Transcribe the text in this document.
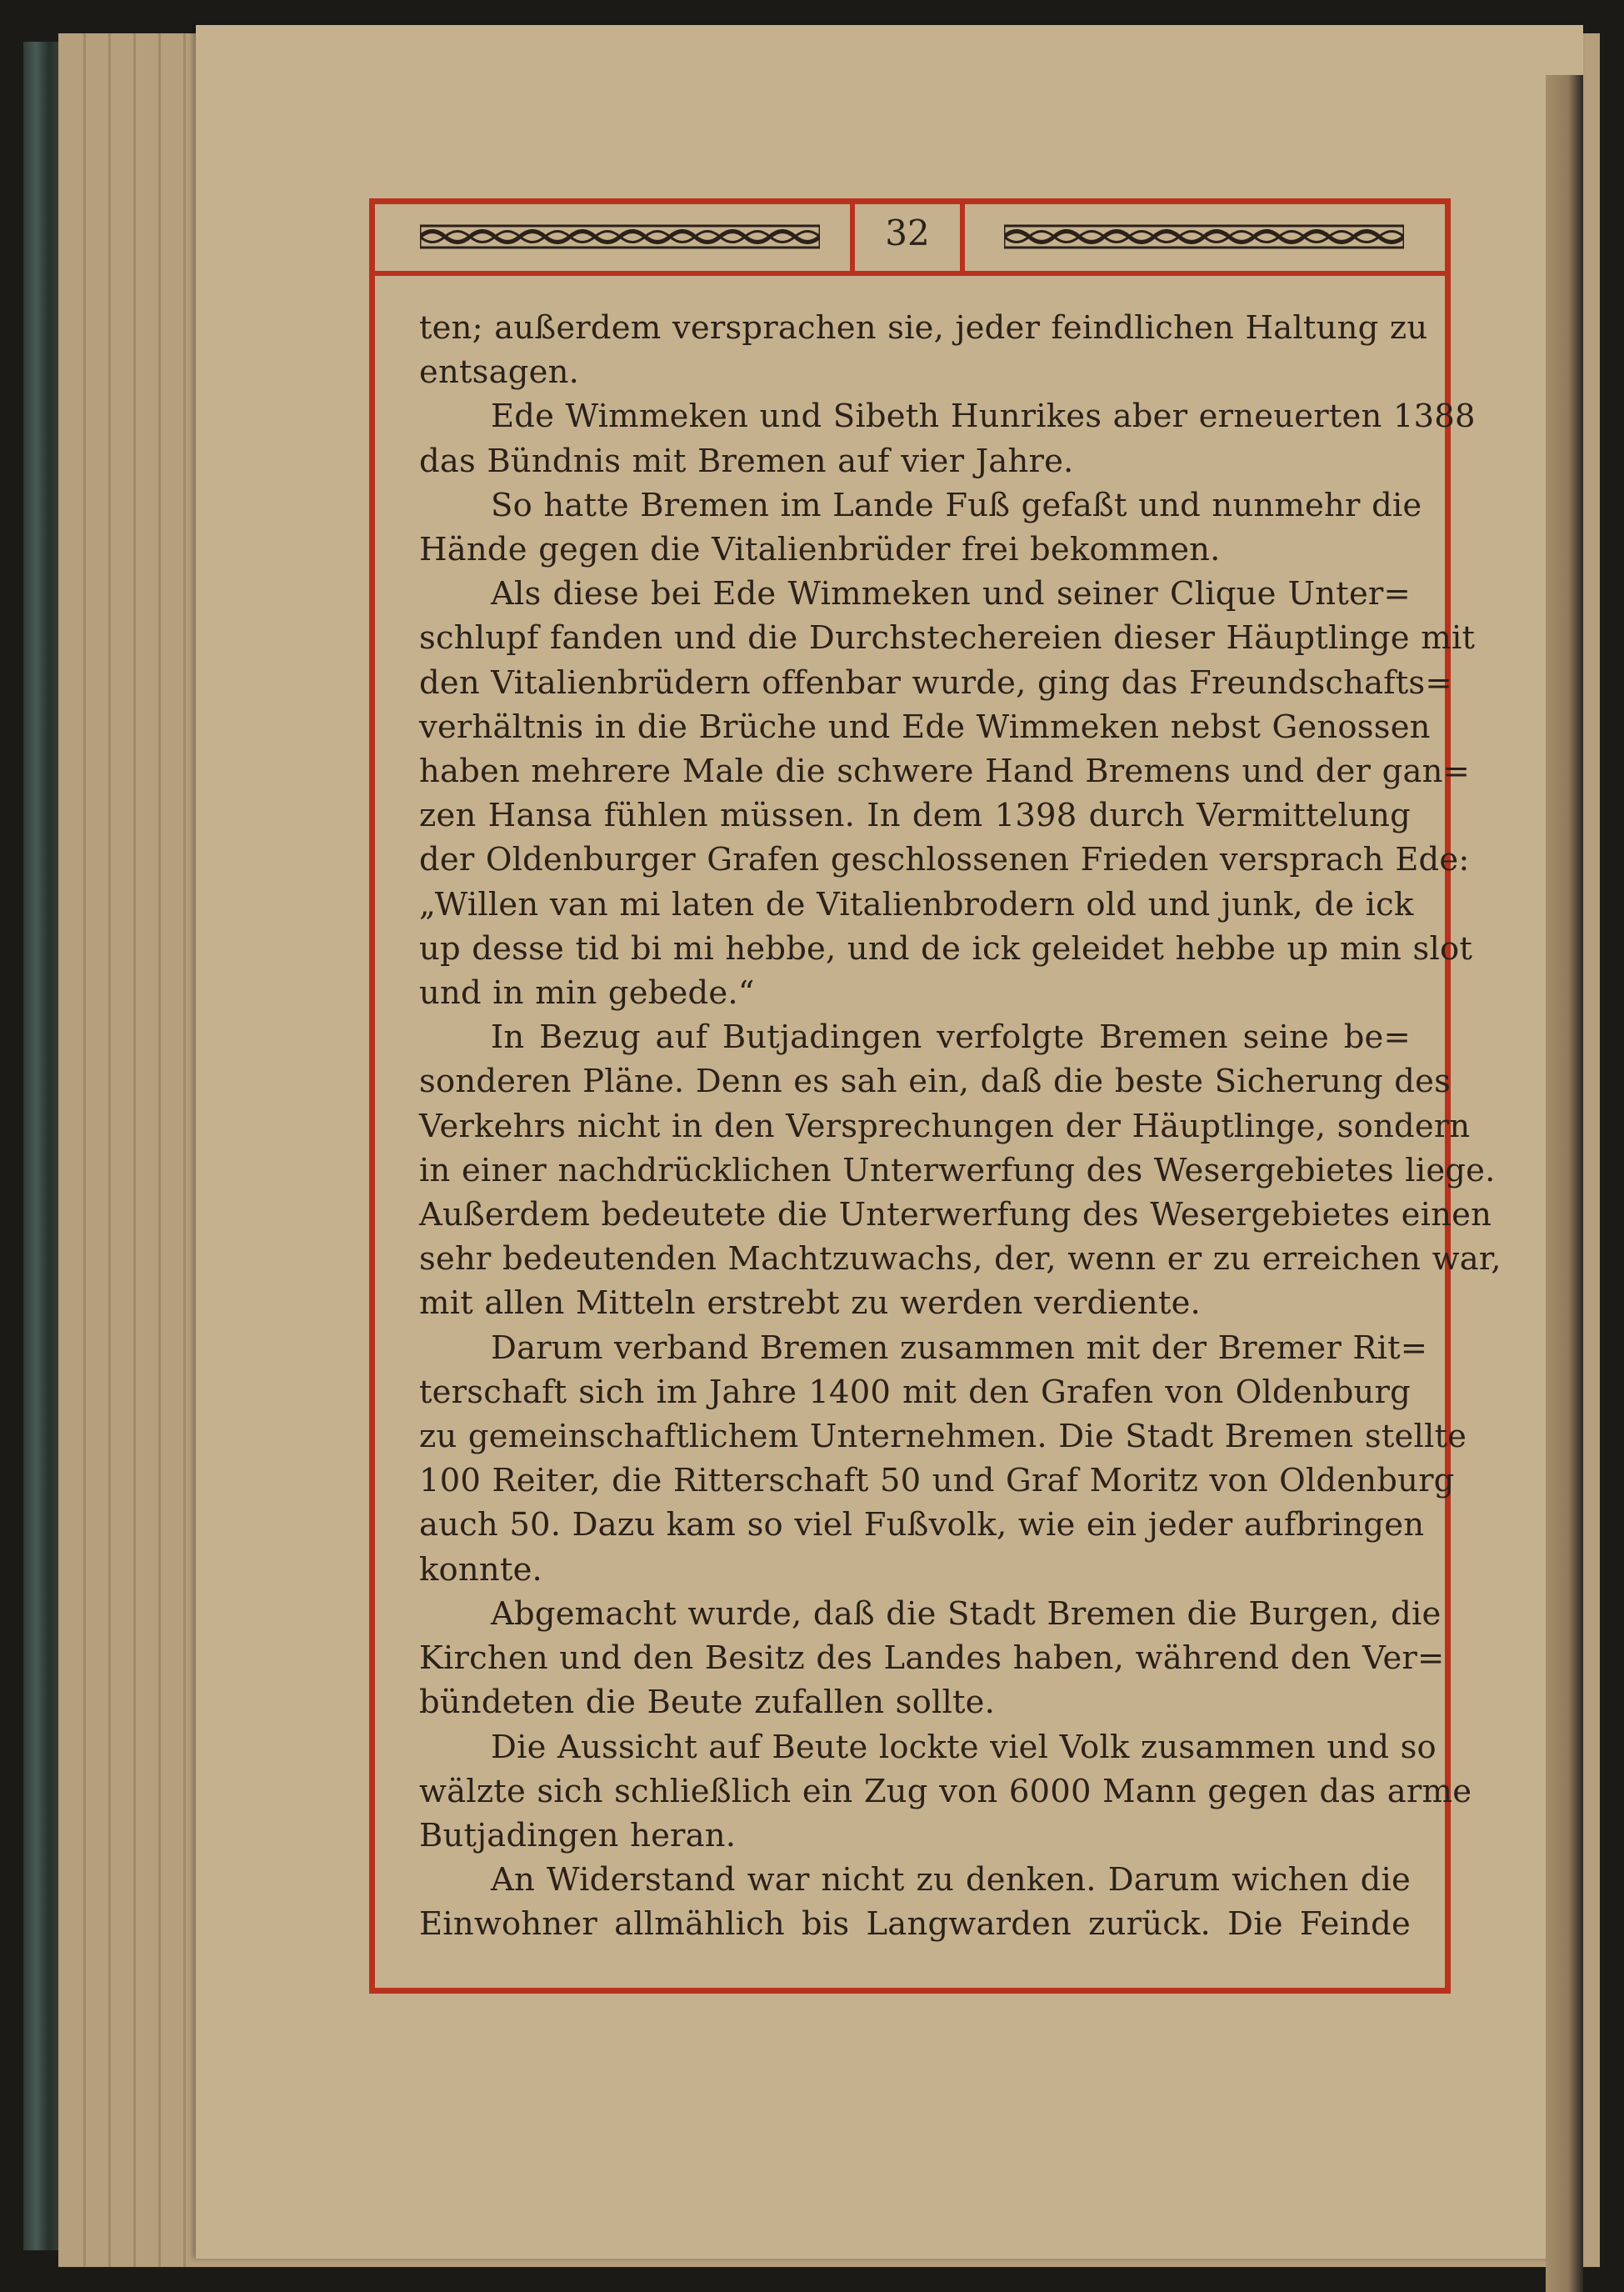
32
ten; außerdem versprachen sie, jeder feindlichen Haltung zu
entsagen.
Ede Wimmeken und Sibeth Hunrikes aber erneuerten 1388
das Bündnis mit Bremen auf vier Jahre.
So hatte Bremen im Lande Fuß gefaßt und nunmehr die
Hände gegen die Vitalienbrüder frei bekommen.
Als diese bei Ede Wimmeken und seiner Clique Unter=
schlupf fanden und die Durchstechereien dieser Häuptlinge mit
den Vitalienbrüdern offenbar wurde, ging das Freundschafts=
verhältnis in die Brüche und Ede Wimmeken nebst Genossen
haben mehrere Male die schwere Hand Bremens und der gan=
zen Hansa fühlen müssen. In dem 1398 durch Vermittelung
der Oldenburger Grafen geschlossenen Frieden versprach Ede:
„Willen van mi laten de Vitalienbrodern old und junk, de ick
up desse tid bi mi hebbe, und de ick geleidet hebbe up min slot
und in min gebede.“
In Bezug auf Butjadingen verfolgte Bremen seine be=
sonderen Pläne. Denn es sah ein, daß die beste Sicherung des
Verkehrs nicht in den Versprechungen der Häuptlinge, sondern
in einer nachdrücklichen Unterwerfung des Wesergebietes liege.
Außerdem bedeutete die Unterwerfung des Wesergebietes einen
sehr bedeutenden Machtzuwachs, der, wenn er zu erreichen war,
mit allen Mitteln erstrebt zu werden verdiente.
Darum verband Bremen zusammen mit der Bremer Rit=
terschaft sich im Jahre 1400 mit den Grafen von Oldenburg
zu gemeinschaftlichem Unternehmen. Die Stadt Bremen stellte
100 Reiter, die Ritterschaft 50 und Graf Moritz von Oldenburg
auch 50. Dazu kam so viel Fußvolk, wie ein jeder aufbringen
konnte.
Abgemacht wurde, daß die Stadt Bremen die Burgen, die
Kirchen und den Besitz des Landes haben, während den Ver=
bündeten die Beute zufallen sollte.
Die Aussicht auf Beute lockte viel Volk zusammen und so
wälzte sich schließlich ein Zug von 6000 Mann gegen das arme
Butjadingen heran.
An Widerstand war nicht zu denken. Darum wichen die
Einwohner allmählich bis Langwarden zurück. Die Feinde
